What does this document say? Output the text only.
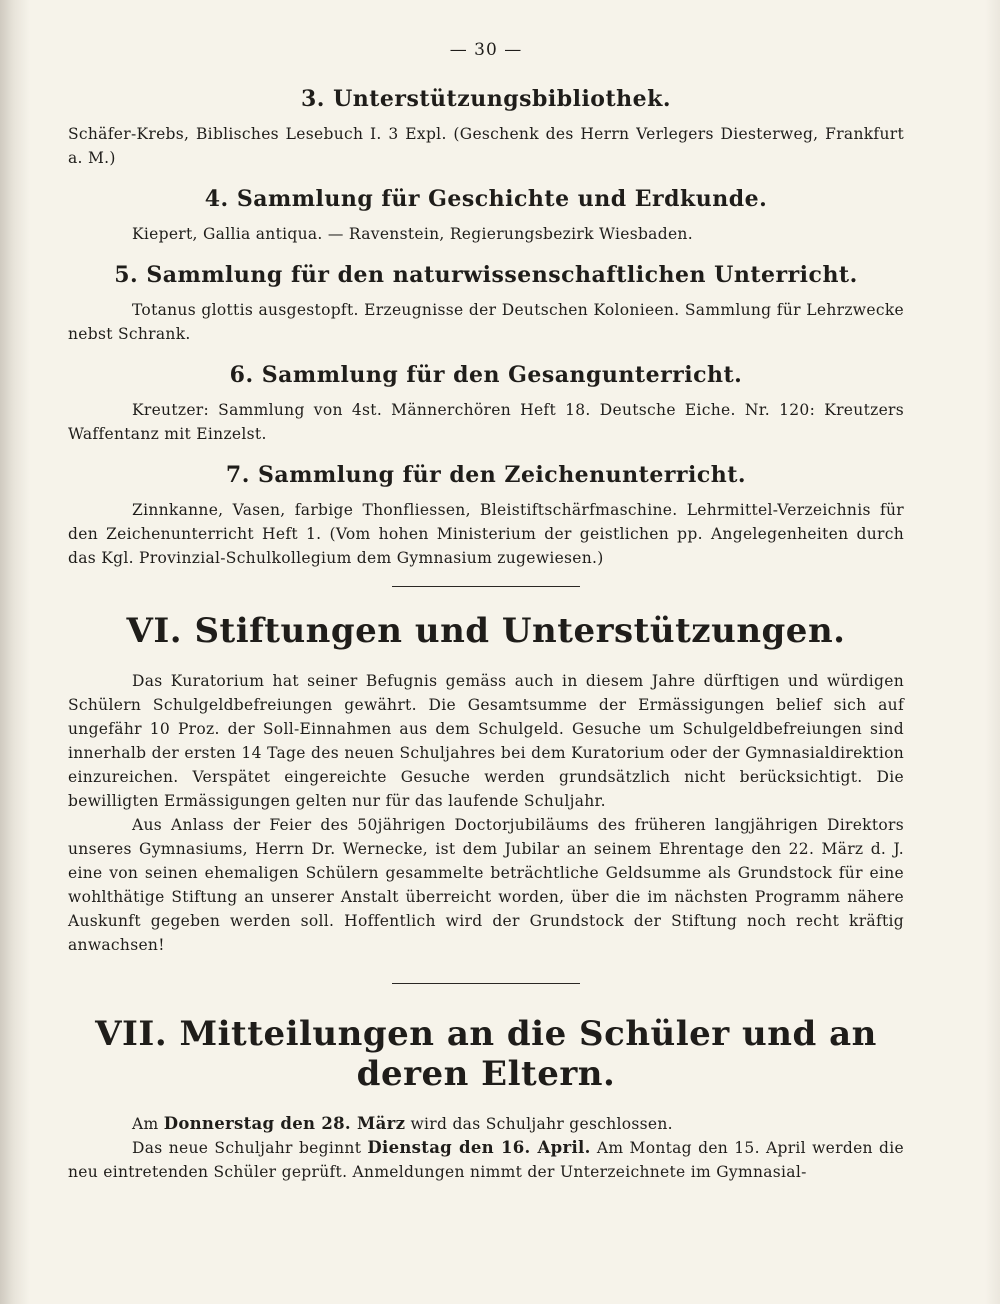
— 30 —
3. Unterstützungsbibliothek.

Schäfer-Krebs, Biblisches Lesebuch I. 3 Expl. (Geschenk des Herrn Verlegers Diesterweg, Frankfurt a. M.)

4. Sammlung für Geschichte und Erdkunde.

Kiepert, Gallia antiqua. — Ravenstein, Regierungsbezirk Wiesbaden.

5. Sammlung für den naturwissenschaftlichen Unterricht.

Totanus glottis ausgestopft. Erzeugnisse der Deutschen Kolonieen. Sammlung für Lehrzwecke nebst Schrank.

6. Sammlung für den Gesangunterricht.

Kreutzer: Sammlung von 4st. Männerchören Heft 18. Deutsche Eiche. Nr. 120: Kreutzers Waffentanz mit Einzelst.

7. Sammlung für den Zeichenunterricht.

Zinnkanne, Vasen, farbige Thonfliessen, Bleistiftschärfmaschine. Lehrmittel-Verzeichnis für den Zeichenunterricht Heft 1. (Vom hohen Ministerium der geistlichen pp. Angelegenheiten durch das Kgl. Provinzial-Schulkollegium dem Gymnasium zugewiesen.)

VI. Stiftungen und Unterstützungen.

Das Kuratorium hat seiner Befugnis gemäss auch in diesem Jahre dürftigen und würdigen Schülern Schulgeldbefreiungen gewährt. Die Gesamtsumme der Ermässigungen belief sich auf ungefähr 10 Proz. der Soll-Einnahmen aus dem Schulgeld. Gesuche um Schulgeldbefreiungen sind innerhalb der ersten 14 Tage des neuen Schuljahres bei dem Kuratorium oder der Gymnasialdirektion einzureichen. Verspätet eingereichte Gesuche werden grundsätzlich nicht berücksichtigt. Die bewilligten Ermässigungen gelten nur für das laufende Schuljahr.

Aus Anlass der Feier des 50jährigen Doctorjubiläums des früheren langjährigen Direktors unseres Gymnasiums, Herrn Dr. Wernecke, ist dem Jubilar an seinem Ehrentage den 22. März d. J. eine von seinen ehemaligen Schülern gesammelte beträchtliche Geldsumme als Grundstock für eine wohlthätige Stiftung an unserer Anstalt überreicht worden, über die im nächsten Programm nähere Auskunft gegeben werden soll. Hoffentlich wird der Grundstock der Stiftung noch recht kräftig anwachsen!

VII. Mitteilungen an die Schüler und an deren Eltern.

Am Donnerstag den 28. März wird das Schuljahr geschlossen.

Das neue Schuljahr beginnt Dienstag den 16. April. Am Montag den 15. April werden die neu eintretenden Schüler geprüft. Anmeldungen nimmt der Unterzeichnete im Gymnasial-
